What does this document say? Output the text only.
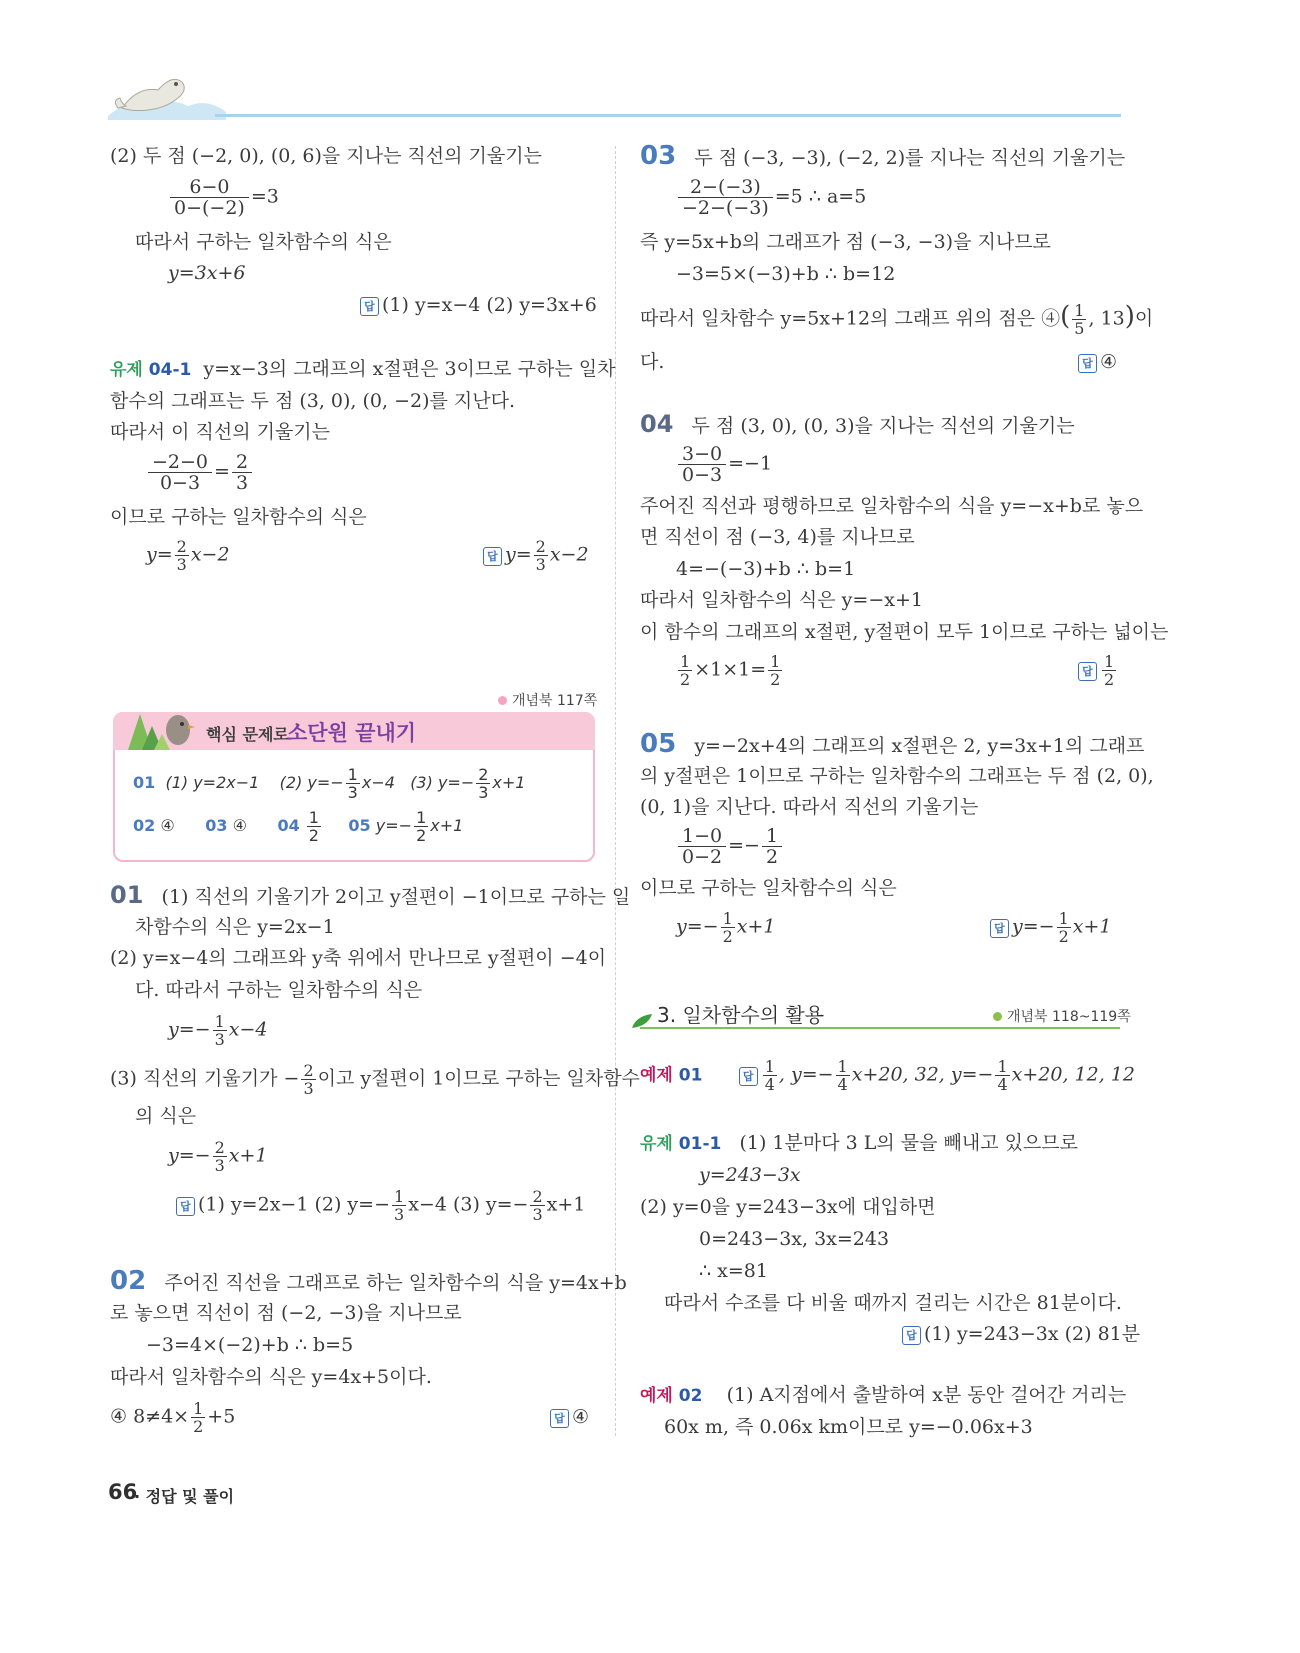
(2) 두 점 (−2, 0), (0, 6)을 지나는 직선의 기울기는
$\frac{6-0}{0-(-2)} =3$
따라서 구하는 일차함수의 식은
y=3x+6
답 (1) y=x−4 (2) y=3x+6
유제 04-1 y=x−3의 그래프의 x절편은 3이므로 구하는 일차
함수의 그래프는 두 점 (3, 0), (0, −2)를 지난다.
따라서 이 직선의 기울기는
$\frac{-2-0}{0-3} = \frac{2}{3}$
이므로 구하는 일차함수의 식은
$y= \frac{2}{3} x-2$	답 $y= \frac{2}{3} x-2$
개념북 117쪽
핵심 문제로
소단원 끝내기
01 (1) y=2x−1 (2) $y=- \frac{1}{3} x-4$ (3) $y=- \frac{2}{3} x+1$
02 ④ 03 ④ $04 \frac{1}{2} 05$ $y=- \frac{1}{2} x+1$
01 (1) 직선의 기울기가 2이고 y절편이 −1이므로 구하는 일
차함수의 식은 y=2x−1
(2) y=x−4의 그래프와 y축 위에서 만나므로 y절편이 −4이
다. 따라서 구하는 일차함수의 식은
$y=- \frac{1}{3} x-4$
(3) 직선의 기울기가 − $\frac{2}{3}$ 이고 y절편이 1이므로 구하는 일차함수
의 식은
$y=- \frac{2}{3} x+1$
답 (1) y=2x−1 (2) $y=- \frac{1}{3} x-4$ (3) $y=- \frac{2}{3} x+1$
02 주어진 직선을 그래프로 하는 일차함수의 식을 y=4x+b
로 놓으면 직선이 점 (−2, −3)을 지나므로
−3=4×(−2)+b ∴ b=5
따라서 일차함수의 식은 y=4x+5이다.
④ $8\ne 4\times \frac{1}{2} +5$	답 ④
03 두 점 (−3, −3), (−2, 2)를 지나는 직선의 기울기는
$\frac{2-(-3)}{-2-(-3)} =5$ ∴ a=5
즉 y=5x+b의 그래프가 점 (−3, −3)을 지나므로
−3=5×(−3)+b ∴ b=12
따라서 일차함수 y=5x+12의 그래프 위의 점은 ④( $\frac{1}{5}$ , 13)이
다.	답 ④
04 두 점 (3, 0), (0, 3)을 지나는 직선의 기울기는
$\frac{3-0}{0-3} =-1$
주어진 직선과 평행하므로 일차함수의 식을 y=−x+b로 놓으
면 직선이 점 (−3, 4)를 지나므로
4=−(−3)+b ∴ b=1
따라서 일차함수의 식은 y=−x+1
이 함수의 그래프의 x절편, y절편이 모두 1이므로 구하는 넓이는
$\frac{1}{2} \times 1\times 1= \frac{1}{2}$	답 $\frac{1}{2}$
05 y=−2x+4의 그래프의 x절편은 2, y=3x+1의 그래프
의 y절편은 1이므로 구하는 일차함수의 그래프는 두 점 (2, 0),
(0, 1)을 지난다. 따라서 직선의 기울기는
$\frac{1-0}{0-2} =- \frac{1}{2}$
이므로 구하는 일차함수의 식은
$y=- \frac{1}{2} x+1$	답 $y=- \frac{1}{2} x+1$
3. 일차함수의 활용	개념북 118~119쪽
예제 01	답 $\frac{1}{4}$ , $y=- \frac{1}{4} x+20$, 32, $y=- \frac{1}{4} x+20$, 12, 12
유제 01-1 (1) 1분마다 3 L의 물을 빼내고 있으므로
y=243−3x
(2) y=0을 y=243−3x에 대입하면
0=243−3x, 3x=243
∴ x=81
따라서 수조를 다 비울 때까지 걸리는 시간은 81분이다.
답 (1) y=243−3x (2) 81분
예제 02 (1) A지점에서 출발하여 x분 동안 걸어간 거리는
60x m, 즉 0.06x km이므로 y=−0.06x+3
66
· 정답 및 풀이
